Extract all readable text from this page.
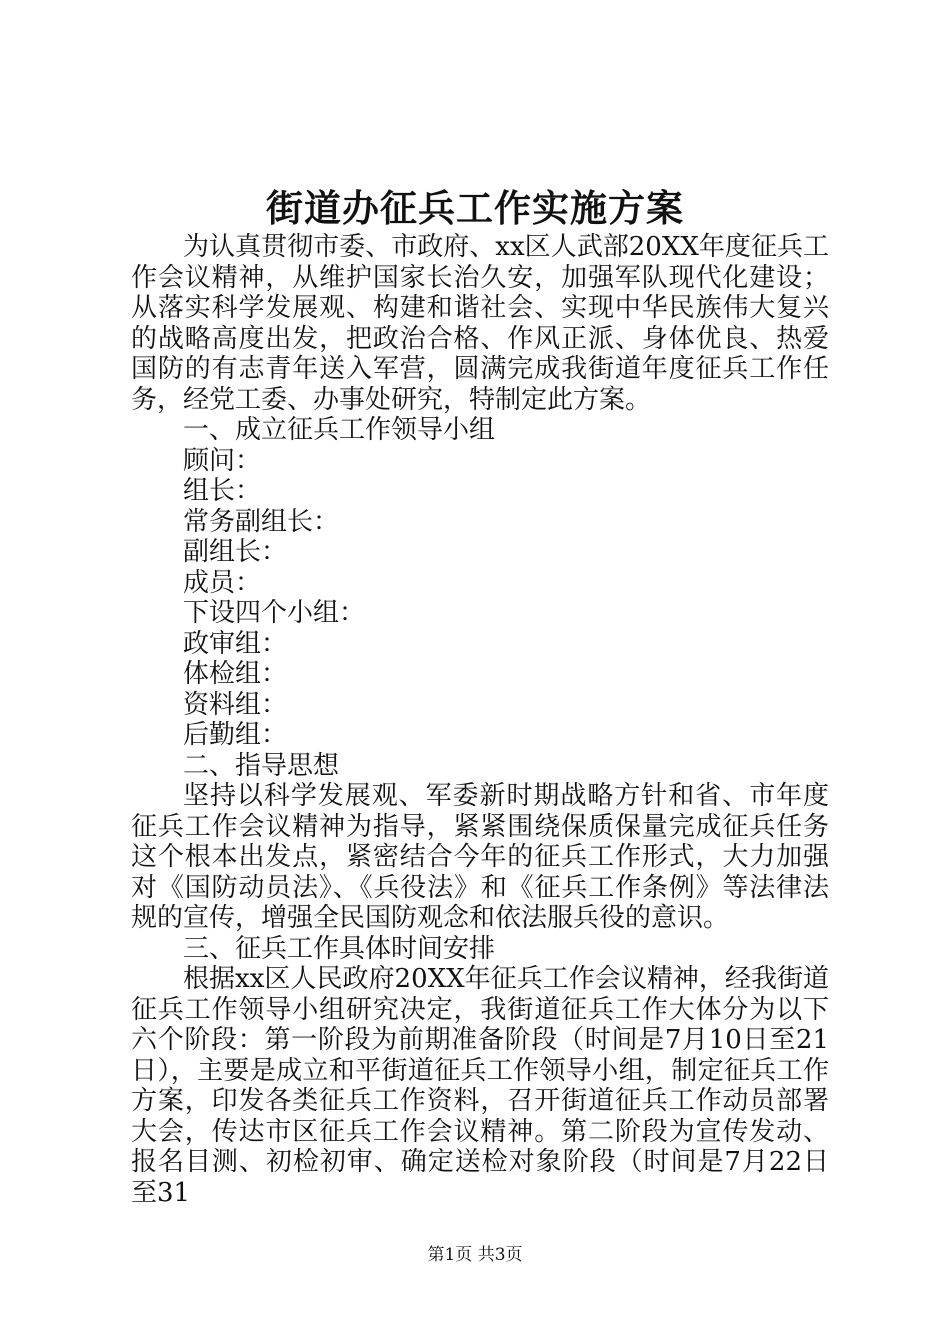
街道办征兵工作实施方案

为认真贯彻市委、市政府、xx区人武部20XX年度征兵工作会议精神，从维护国家长治久安，加强军队现代化建设；从落实科学发展观、构建和谐社会、实现中华民族伟大复兴的战略高度出发，把政治合格、作风正派、身体优良、热爱国防的有志青年送入军营，圆满完成我街道年度征兵工作任务，经党工委、办事处研究，特制定此方案。

一、成立征兵工作领导小组

顾问：

组长：

常务副组长：

副组长：

成员：

下设四个小组：

政审组：

体检组：

资料组：

后勤组：

二、指导思想

坚持以科学发展观、军委新时期战略方针和省、市年度征兵工作会议精神为指导，紧紧围绕保质保量完成征兵任务这个根本出发点，紧密结合今年的征兵工作形式，大力加强对《国防动员法》、《兵役法》和《征兵工作条例》等法律法规的宣传，增强全民国防观念和依法服兵役的意识。

三、征兵工作具体时间安排

根据xx区人民政府20XX年征兵工作会议精神，经我街道征兵工作领导小组研究决定，我街道征兵工作大体分为以下六个阶段：第一阶段为前期准备阶段（时间是7月10日至21日），主要是成立和平街道征兵工作领导小组，制定征兵工作方案，印发各类征兵工作资料，召开街道征兵工作动员部署大会，传达市区征兵工作会议精神。第二阶段为宣传发动、报名目测、初检初审、确定送检对象阶段（时间是7月22日至31

第1页 共3页
